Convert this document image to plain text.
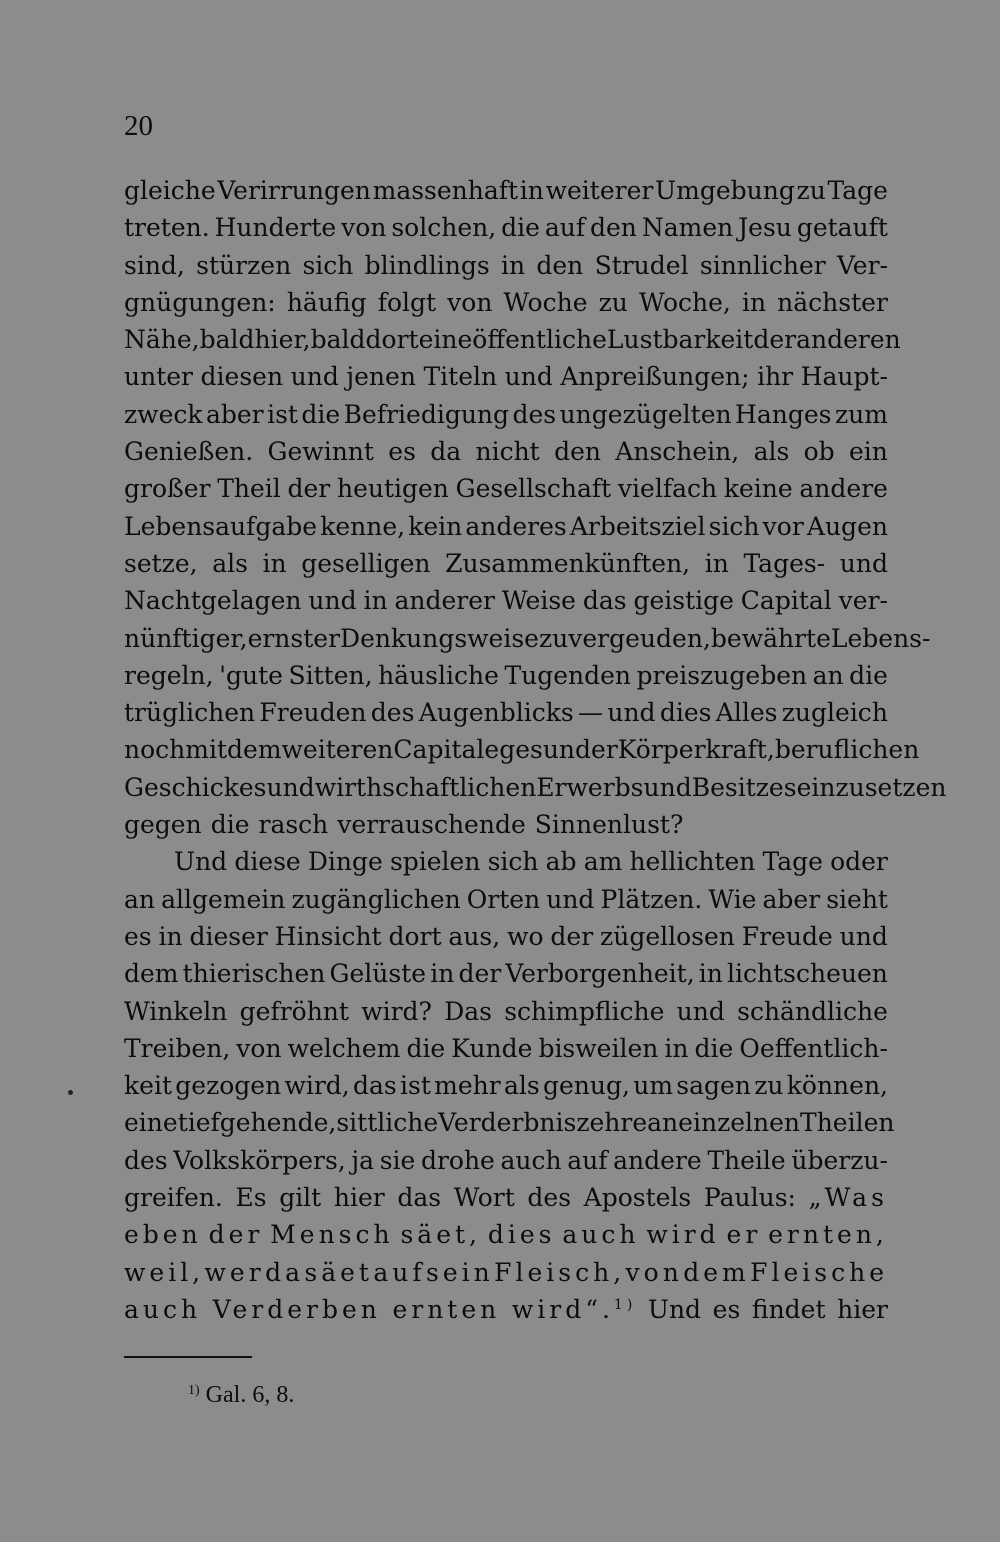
20
gleiche Verirrungen massenhaft in weiterer Umgebung zu Tage
treten. Hunderte von solchen, die auf den Namen Jesu getauft
sind, stürzen sich blindlings in den Strudel sinnlicher Ver-
gnügungen: häufig folgt von Woche zu Woche, in nächster
Nähe, bald hier, bald dort eine öffentliche Lustbarkeit der anderen
unter diesen und jenen Titeln und Anpreißungen; ihr Haupt-
zweck aber ist die Befriedigung des ungezügelten Hanges zum
Genießen. Gewinnt es da nicht den Anschein, als ob ein
großer Theil der heutigen Gesellschaft vielfach keine andere
Lebensaufgabe kenne, kein anderes Arbeitsziel sich vor Augen
setze, als in geselligen Zusammenkünften, in Tages- und
Nachtgelagen und in anderer Weise das geistige Capital ver-
nünftiger, ernster Denkungsweise zu vergeuden, bewährte Lebens-
regeln, 'gute Sitten, häusliche Tugenden preiszugeben an die
trüglichen Freuden des Augenblicks — und dies Alles zugleich
noch mit dem weiteren Capitale gesunder Körperkraft, beruflichen
Geschickes und wirthschaftlichen Erwerbs und Besitzes einzusetzen
gegen die rasch verrauschende Sinnenlust?
Und diese Dinge spielen sich ab am hellichten Tage oder
an allgemein zugänglichen Orten und Plätzen. Wie aber sieht
es in dieser Hinsicht dort aus, wo der zügellosen Freude und
dem thierischen Gelüste in der Verborgenheit, in lichtscheuen
Winkeln gefröhnt wird? Das schimpfliche und schändliche
Treiben, von welchem die Kunde bisweilen in die Oeffentlich-
keit gezogen wird, das ist mehr als genug, um sagen zu können,
eine tiefgehende, sittliche Verderbnis zehre an einzelnen Theilen
des Volkskörpers, ja sie drohe auch auf andere Theile überzu-
greifen. Es gilt hier das Wort des Apostels Paulus: „Was
eben der Mensch säet, dies auch wird er ernten,
weil, wer da säet auf sein Fleisch, von dem Fleische
auch Verderben ernten wird“.$^{1)}$ Und es findet hier
$^{1)}$ Gal. 6, 8.
